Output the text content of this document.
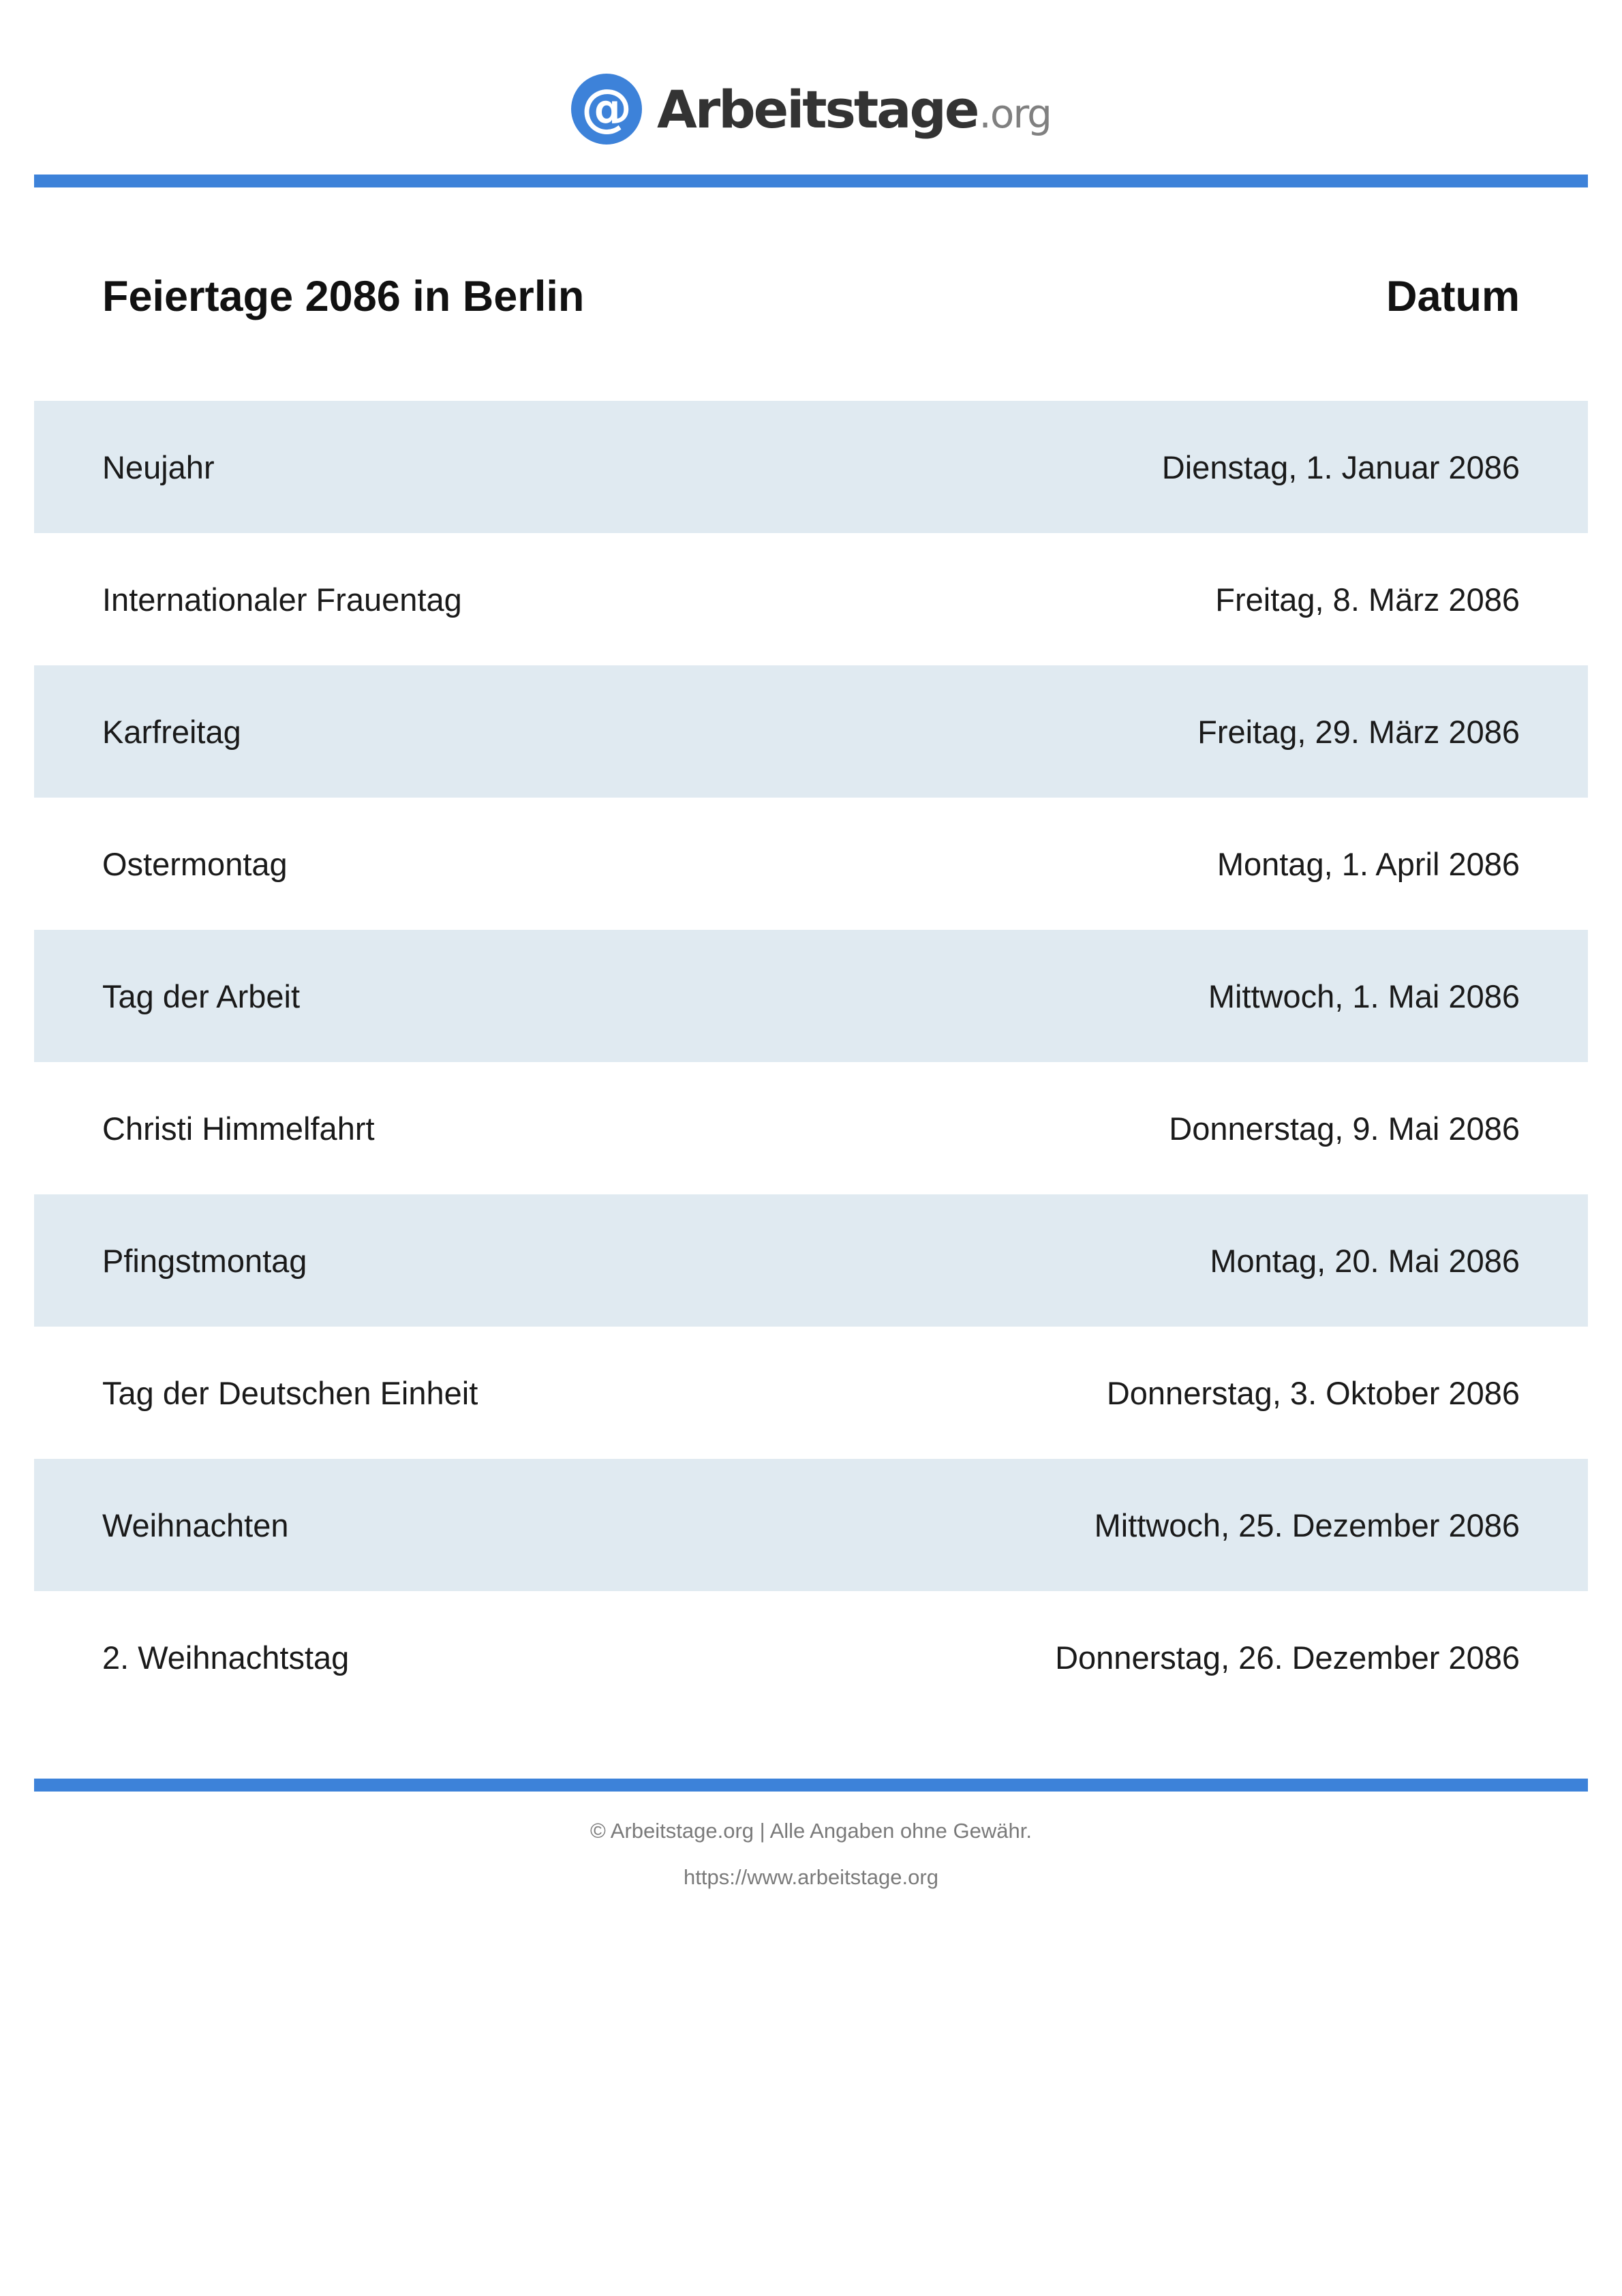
@ Arbeitstage .org
Feiertage 2086 in Berlin	Datum
Neujahr	Dienstag, 1. Januar 2086
Internationaler Frauentag	Freitag, 8. März 2086
Karfreitag	Freitag, 29. März 2086
Ostermontag	Montag, 1. April 2086
Tag der Arbeit	Mittwoch, 1. Mai 2086
Christi Himmelfahrt	Donnerstag, 9. Mai 2086
Pfingstmontag	Montag, 20. Mai 2086
Tag der Deutschen Einheit	Donnerstag, 3. Oktober 2086
Weihnachten	Mittwoch, 25. Dezember 2086
2. Weihnachtstag	Donnerstag, 26. Dezember 2086
© Arbeitstage.org | Alle Angaben ohne Gewähr.
https://www.arbeitstage.org
